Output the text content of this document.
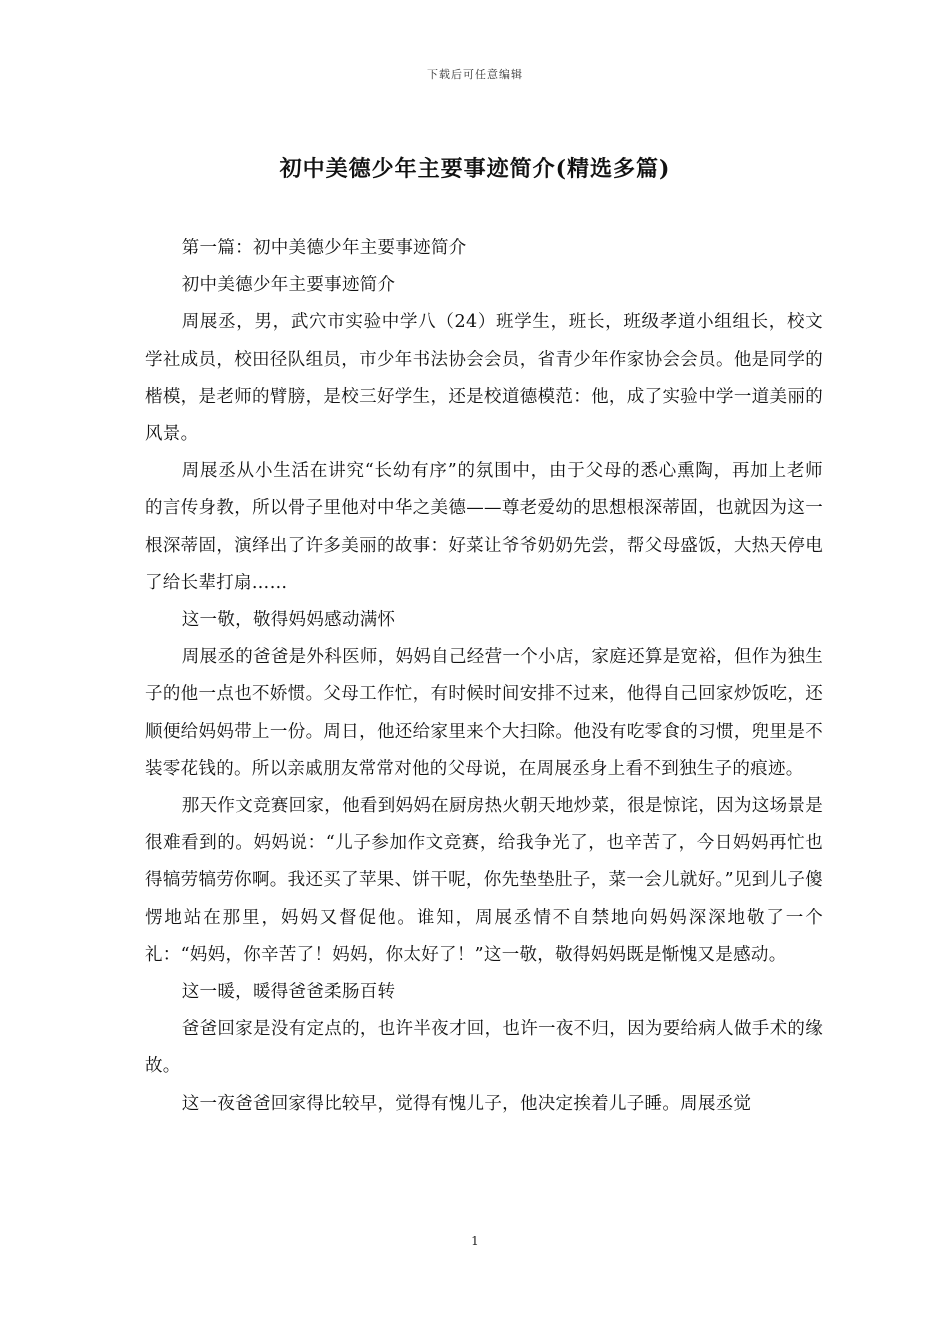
下载后可任意编辑
初中美德少年主要事迹简介(精选多篇)

第一篇：初中美德少年主要事迹简介

初中美德少年主要事迹简介

周展丞，男，武穴市实验中学八（24）班学生，班长，班级孝道小组组长，校文学社成员，校田径队组员，市少年书法协会会员，省青少年作家协会会员。他是同学的楷模，是老师的臂膀，是校三好学生，还是校道德模范：他，成了实验中学一道美丽的风景。

周展丞从小生活在讲究“长幼有序”的氛围中，由于父母的悉心熏陶，再加上老师的言传身教，所以骨子里他对中华之美德——尊老爱幼的思想根深蒂固，也就因为这一根深蒂固，演绎出了许多美丽的故事：好菜让爷爷奶奶先尝，帮父母盛饭，大热天停电了给长辈打扇……

这一敬，敬得妈妈感动满怀

周展丞的爸爸是外科医师，妈妈自己经营一个小店，家庭还算是宽裕，但作为独生子的他一点也不娇惯。父母工作忙，有时候时间安排不过来，他得自己回家炒饭吃，还顺便给妈妈带上一份。周日，他还给家里来个大扫除。他没有吃零食的习惯，兜里是不装零花钱的。所以亲戚朋友常常对他的父母说，在周展丞身上看不到独生子的痕迹。

那天作文竞赛回家，他看到妈妈在厨房热火朝天地炒菜，很是惊诧，因为这场景是很难看到的。妈妈说：“儿子参加作文竞赛，给我争光了，也辛苦了，今日妈妈再忙也得犒劳犒劳你啊。我还买了苹果、饼干呢，你先垫垫肚子，菜一会儿就好。”见到儿子傻愣地站在那里，妈妈又督促他。谁知，周展丞情不自禁地向妈妈深深地敬了一个礼：“妈妈，你辛苦了！妈妈，你太好了！”这一敬，敬得妈妈既是惭愧又是感动。

这一暖，暖得爸爸柔肠百转

爸爸回家是没有定点的，也许半夜才回，也许一夜不归，因为要给病人做手术的缘故。

这一夜爸爸回家得比较早，觉得有愧儿子，他决定挨着儿子睡。周展丞觉

1
